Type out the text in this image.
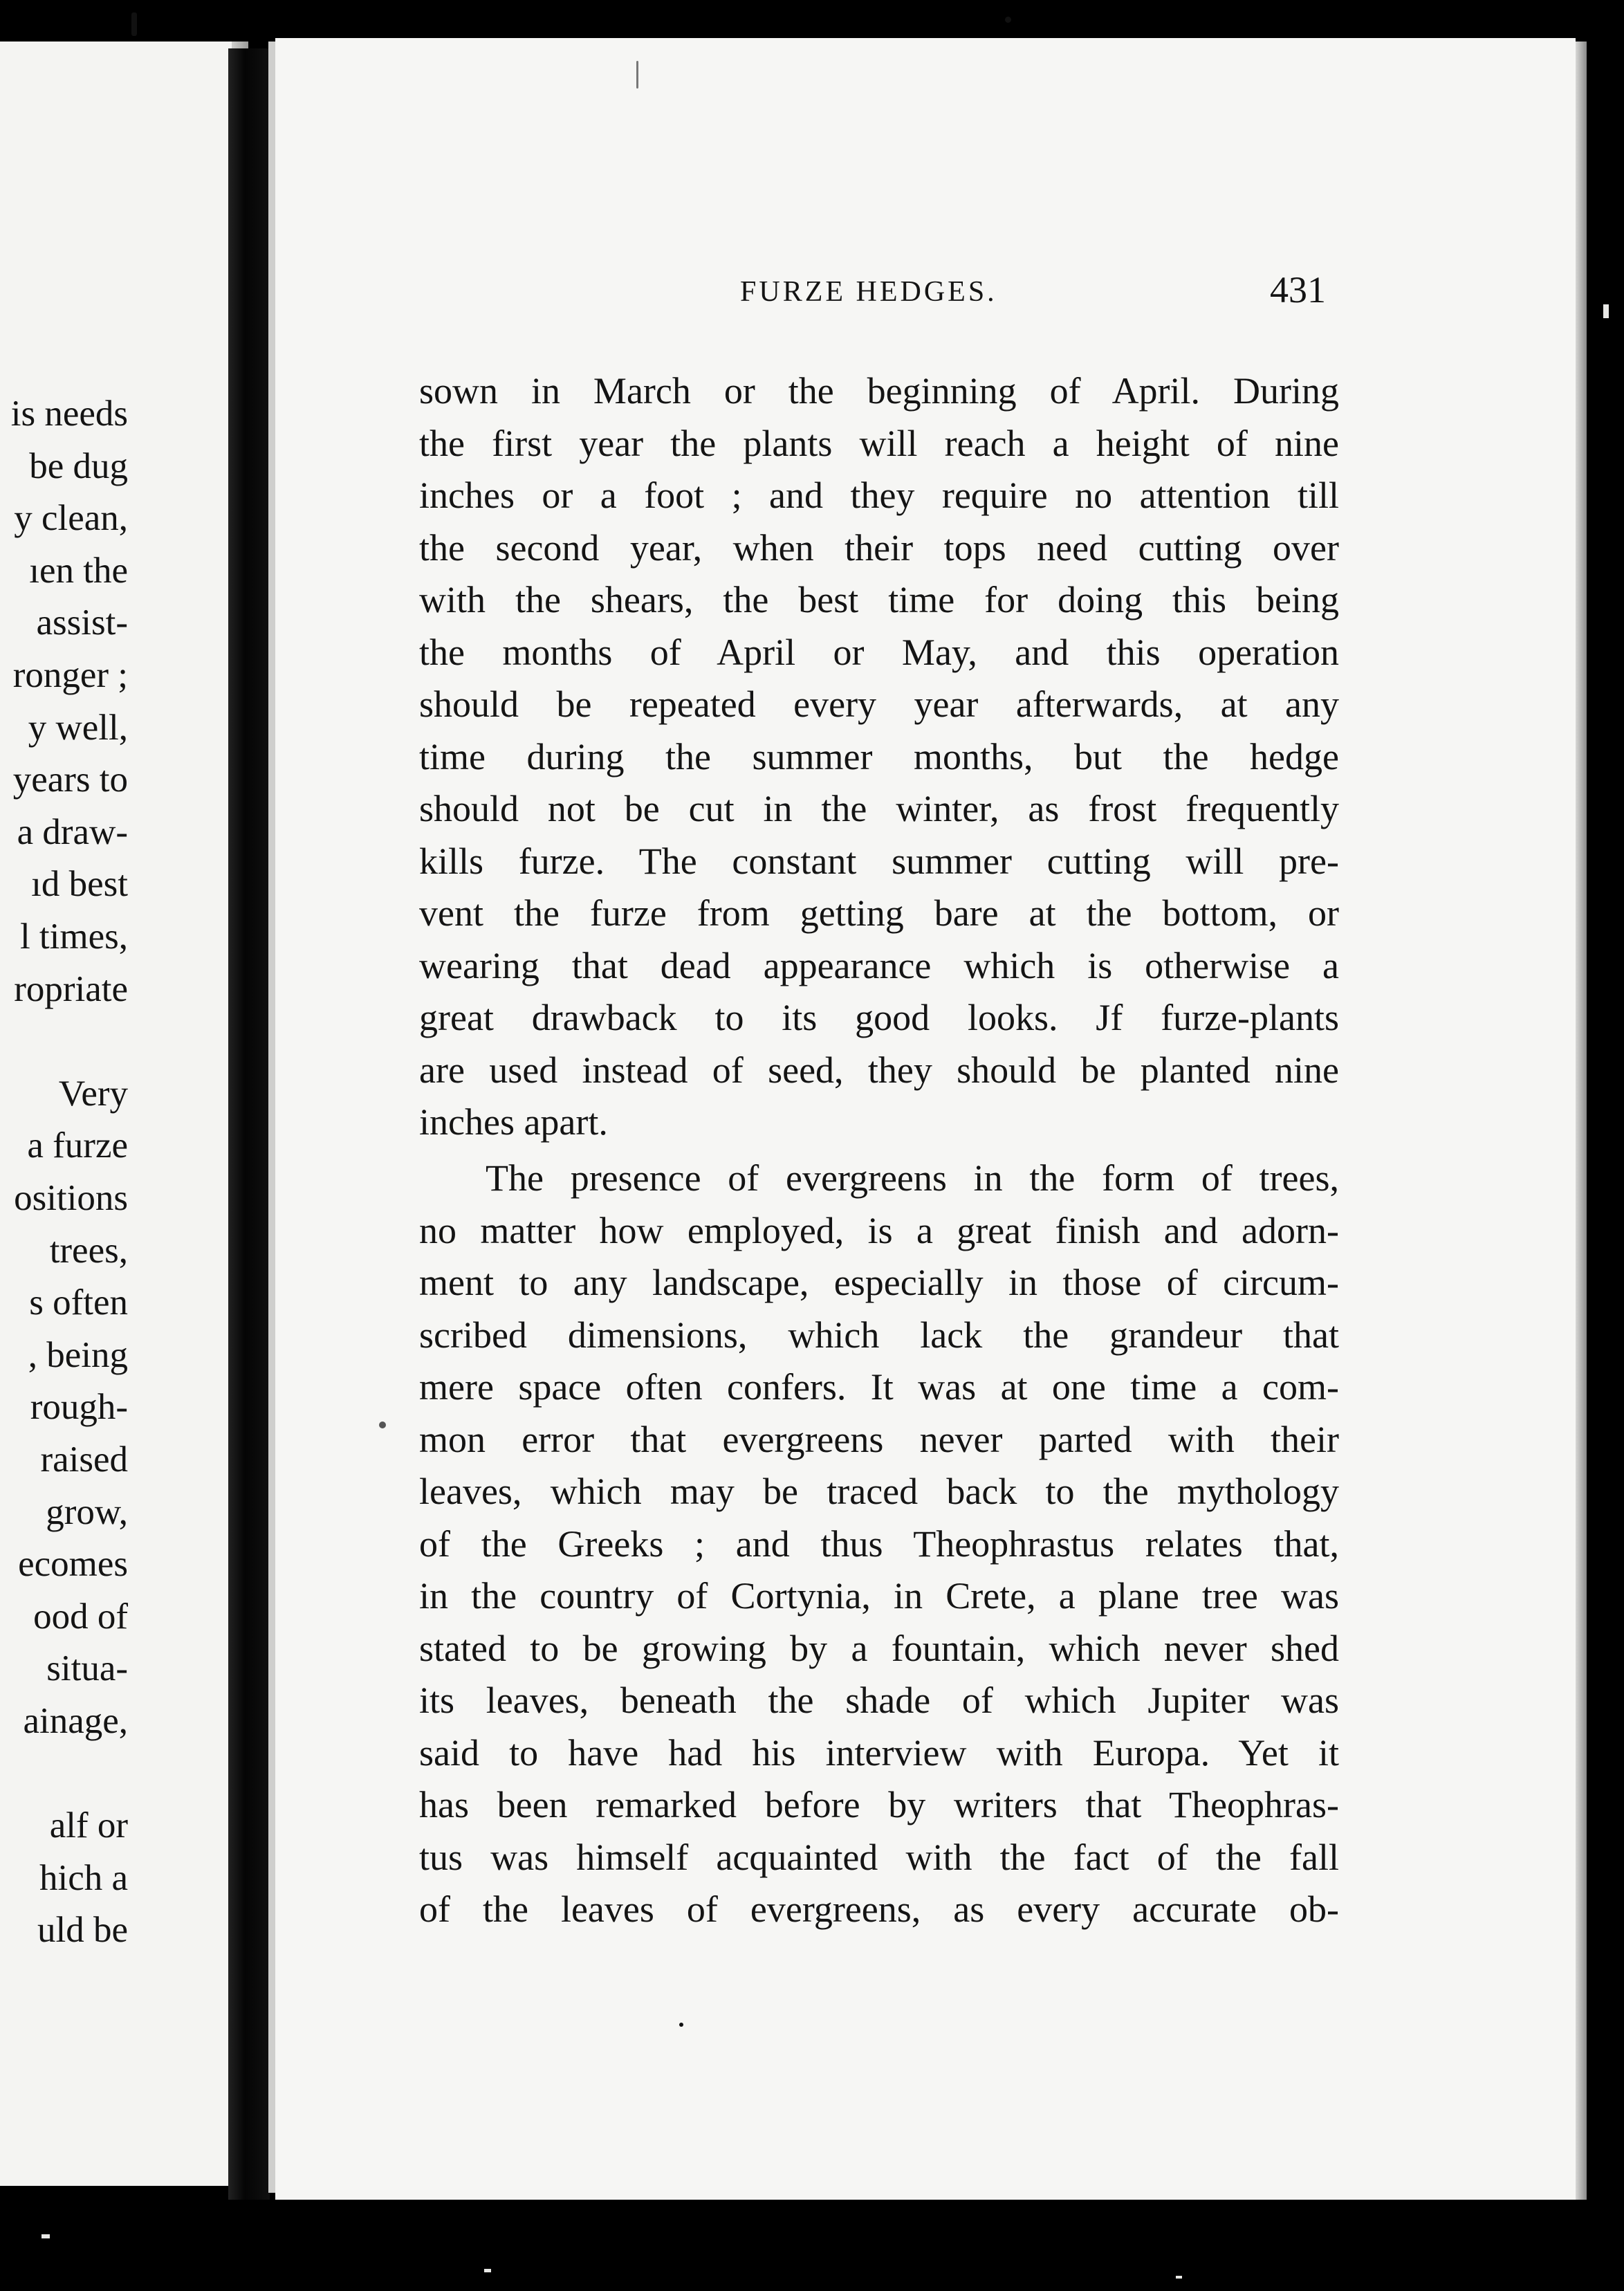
is needs
be dug
y clean,
ıen the
assist-
ronger ;
y well,
years to
a draw-
ıd best
l times,
ropriate
Very
a furze
ositions
trees,
s often
, being
rough-
raised
grow,
ecomes
ood of
situa-
ainage,
alf or
hich a
uld be
FURZE HEDGES.	431
sown in March or the beginning of April. During
the first year the plants will reach a height of nine
inches or a foot ; and they require no attention till
the second year, when their tops need cutting over
with the shears, the best time for doing this being
the months of April or May, and this operation
should be repeated every year afterwards, at any
time during the summer months, but the hedge
should not be cut in the winter, as frost frequently
kills furze. The constant summer cutting will pre-
vent the furze from getting bare at the bottom, or
wearing that dead appearance which is otherwise a
great drawback to its good looks. Jf furze-plants
are used instead of seed, they should be planted nine
inches apart.
The presence of evergreens in the form of trees,
no matter how employed, is a great finish and adorn-
ment to any landscape, especially in those of circum-
scribed dimensions, which lack the grandeur that
mere space often confers. It was at one time a com-
mon error that evergreens never parted with their
leaves, which may be traced back to the mythology
of the Greeks ; and thus Theophrastus relates that,
in the country of Cortynia, in Crete, a plane tree was
stated to be growing by a fountain, which never shed
its leaves, beneath the shade of which Jupiter was
said to have had his interview with Europa. Yet it
has been remarked before by writers that Theophras-
tus was himself acquainted with the fact of the fall
of the leaves of evergreens, as every accurate ob-
